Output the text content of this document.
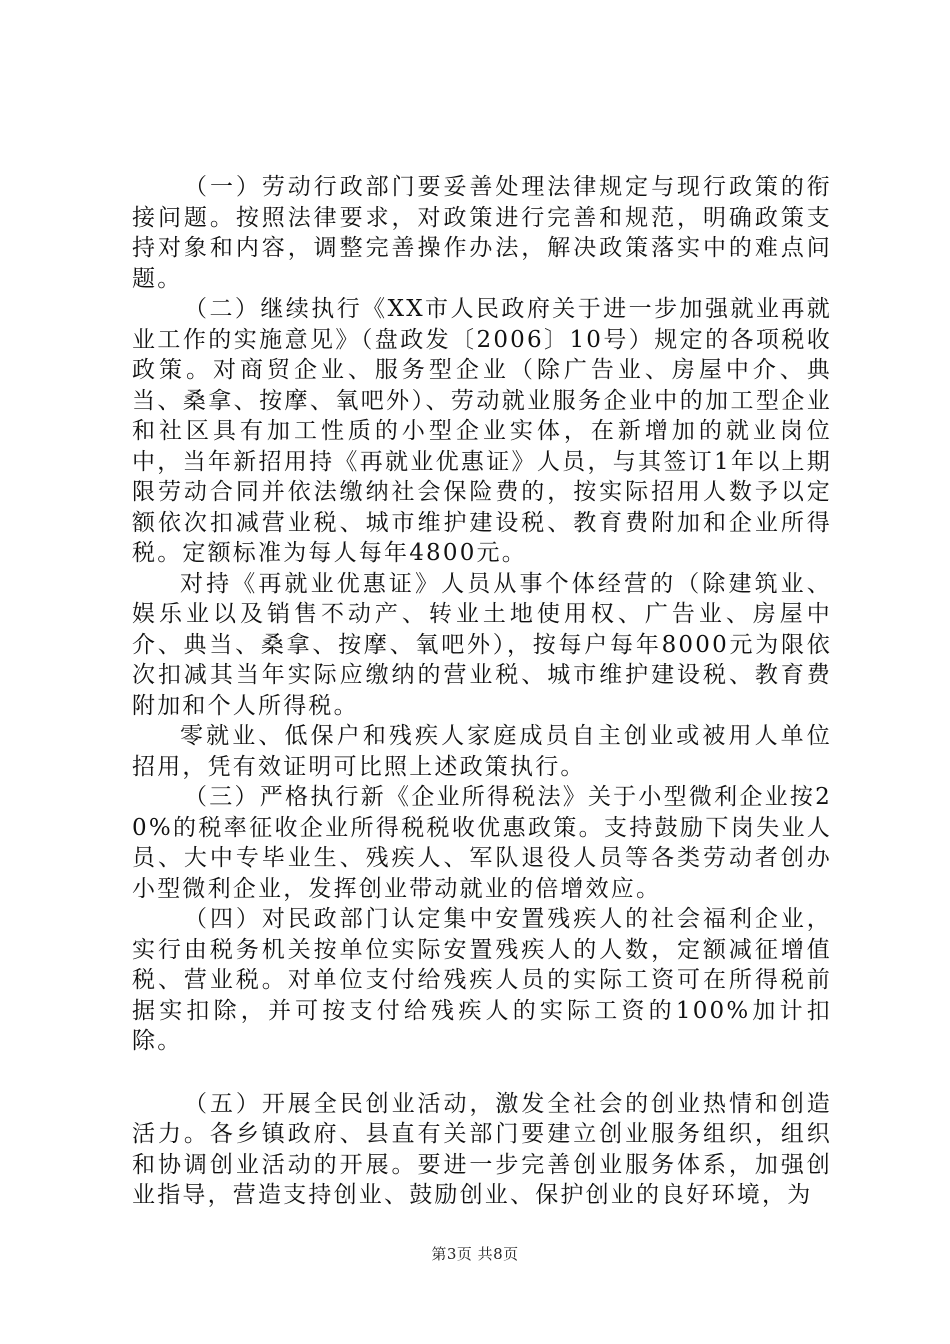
（一）劳动行政部门要妥善处理法律规定与现行政策的衔接问题。按照法律要求，对政策进行完善和规范，明确政策支持对象和内容，调整完善操作办法，解决政策落实中的难点问题。

（二）继续执行《XX市人民政府关于进一步加强就业再就业工作的实施意见》（盘政发〔2006〕10号）规定的各项税收政策。对商贸企业、服务型企业（除广告业、房屋中介、典当、桑拿、按摩、氧吧外）、劳动就业服务企业中的加工型企业和社区具有加工性质的小型企业实体，在新增加的就业岗位中，当年新招用持《再就业优惠证》人员，与其签订1年以上期限劳动合同并依法缴纳社会保险费的，按实际招用人数予以定额依次扣减营业税、城市维护建设税、教育费附加和企业所得税。定额标准为每人每年4800元。

对持《再就业优惠证》人员从事个体经营的（除建筑业、娱乐业以及销售不动产、转业土地使用权、广告业、房屋中介、典当、桑拿、按摩、氧吧外），按每户每年8000元为限依次扣减其当年实际应缴纳的营业税、城市维护建设税、教育费附加和个人所得税。

零就业、低保户和残疾人家庭成员自主创业或被用人单位招用，凭有效证明可比照上述政策执行。

（三）严格执行新《企业所得税法》关于小型微利企业按20%的税率征收企业所得税税收优惠政策。支持鼓励下岗失业人员、大中专毕业生、残疾人、军队退役人员等各类劳动者创办小型微利企业，发挥创业带动就业的倍增效应。

（四）对民政部门认定集中安置残疾人的社会福利企业，实行由税务机关按单位实际安置残疾人的人数，定额减征增值税、营业税。对单位支付给残疾人员的实际工资可在所得税前据实扣除，并可按支付给残疾人的实际工资的100%加计扣除。

（五）开展全民创业活动，激发全社会的创业热情和创造活力。各乡镇政府、县直有关部门要建立创业服务组织，组织和协调创业活动的开展。要进一步完善创业服务体系，加强创业指导，营造支持创业、鼓励创业、保护创业的良好环境，为

第3页 共8页
